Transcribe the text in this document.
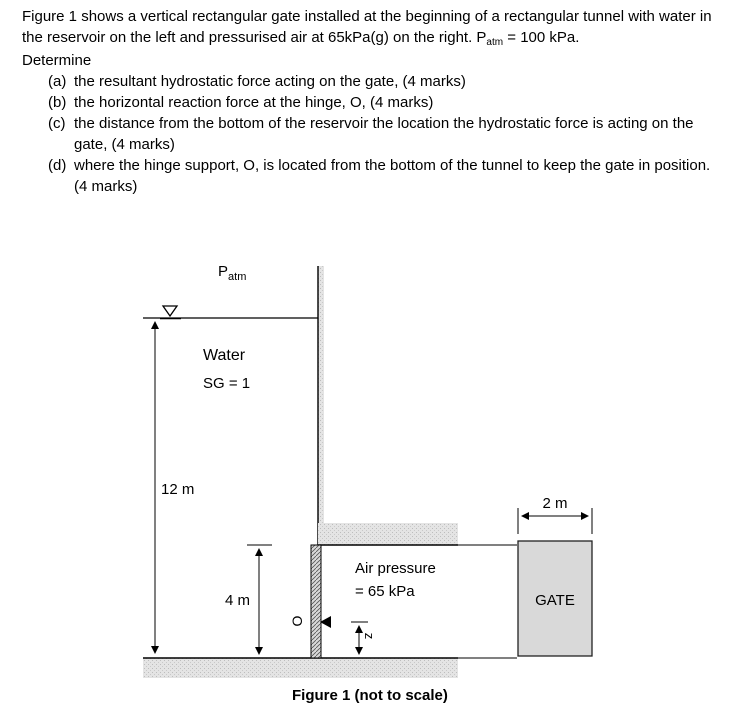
Figure 1 shows a vertical rectangular gate installed at the beginning of a rectangular tunnel with water in the reservoir on the left and pressurised air at 65kPa(g) on the right. $P_{atm} = 100$ kPa.

Determine

(a) the resultant hydrostatic force acting on the gate, (4 marks)
(b) the horizontal reaction force at the hinge, O, (4 marks)
(c) the distance from the bottom of the reservoir the location the hydrostatic force is acting on the gate, (4 marks)
(d) where the hinge support, O, is located from the bottom of the tunnel to keep the gate in position. (4 marks)
O
12 m
$P_{atm}$
Water
SG = 1
4 m
Air pressure
= 65 kPa
z
GATE
2 m
Figure 1 (not to scale)
